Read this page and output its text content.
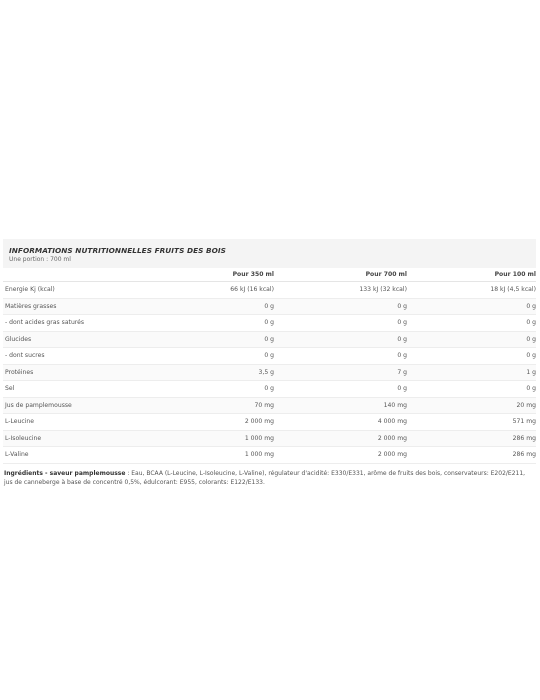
INFORMATIONS NUTRITIONNELLES FRUITS DES BOIS
Une portion : 700 ml
Pour 350 ml	Pour 700 ml	Pour 100 ml
Energie Kj (kcal)	66 kJ (16 kcal)	133 kJ (32 kcal)	18 kJ (4,5 kcal)
Matières grasses	0 g	0 g	0 g
- dont acides gras saturés	0 g	0 g	0 g
Glucides	0 g	0 g	0 g
- dont sucres	0 g	0 g	0 g
Protéines	3,5 g	7 g	1 g
Sel	0 g	0 g	0 g
Jus de pamplemousse	70 mg	140 mg	20 mg
L-Leucine	2 000 mg	4 000 mg	571 mg
L-Isoleucine	1 000 mg	2 000 mg	286 mg
L-Valine	1 000 mg	2 000 mg	286 mg
Ingrédients - saveur pamplemousse : Eau, BCAA (L-Leucine, L-Isoleucine, L-Valine), régulateur d'acidité: E330/E331, arôme de fruits des bois, conservateurs: E202/E211, jus de canneberge à base de concentré 0,5%, édulcorant: E955, colorants: E122/E133.
